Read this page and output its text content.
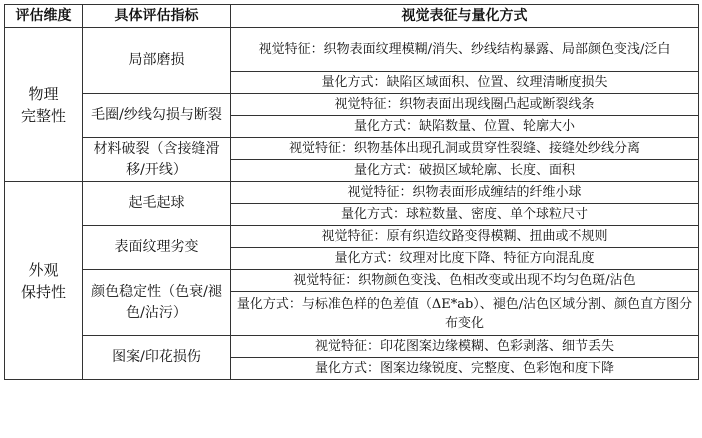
评估维度	具体评估指标	视觉表征与量化方式
物理
完整性	局部磨损	视觉特征：织物表面纹理模糊/消失、纱线结构暴露、局部颜色变浅/泛白
		量化方式：缺陷区域面积、位置、纹理清晰度损失
	毛圈/纱线勾损与断裂	视觉特征：织物表面出现线圈凸起或断裂线条
		量化方式：缺陷数量、位置、轮廓大小
	材料破裂（含接缝滑移/开线）	视觉特征：织物基体出现孔洞或贯穿性裂缝、接缝处纱线分离
		量化方式：破损区域轮廓、长度、面积
外观
保持性	起毛起球	视觉特征：织物表面形成缠结的纤维小球
		量化方式：球粒数量、密度、单个球粒尺寸
	表面纹理劣变	视觉特征：原有织造纹路变得模糊、扭曲或不规则
		量化方式：纹理对比度下降、特征方向混乱度
	颜色稳定性（色衰/褪色/沾污）	视觉特征：织物颜色变浅、色相改变或出现不均匀色斑/沾色
		量化方式：与标准色样的色差值（ΔE*ab）、褪色/沾色区域分割、颜色直方图分布变化
	图案/印花损伤	视觉特征：印花图案边缘模糊、色彩剥落、细节丢失
		量化方式：图案边缘锐度、完整度、色彩饱和度下降
